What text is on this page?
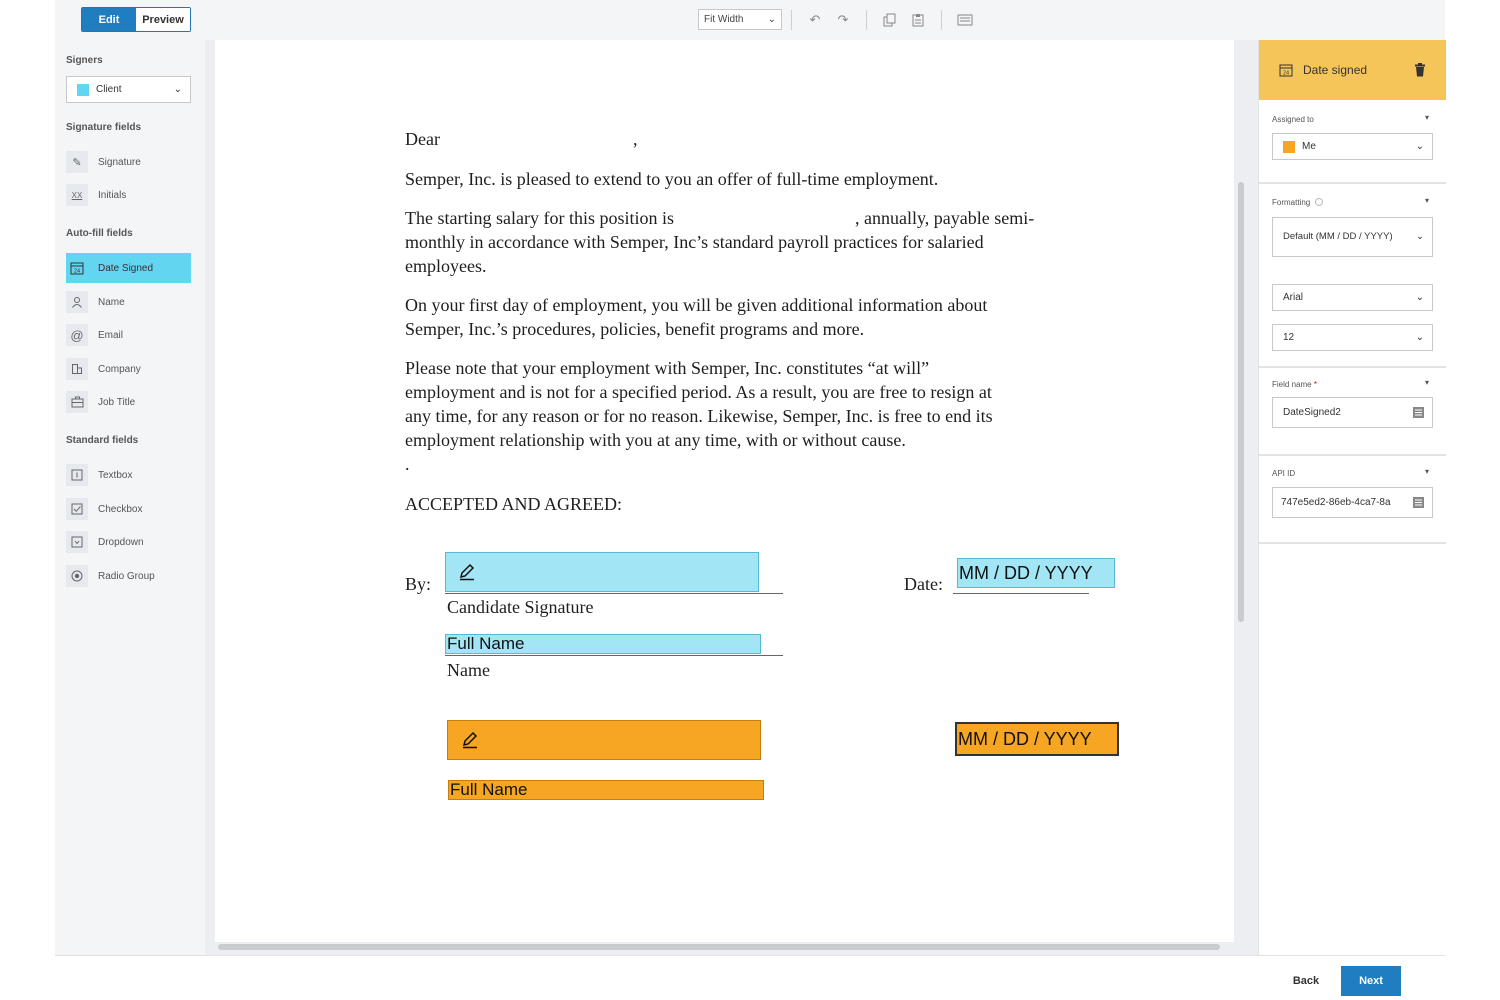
Edit	Preview	Fit Width ⌄	↶	↷
Signers
Client	⌄
Signature fields
✎	Signature
XX	Initials
Auto-fill fields
24 Date Signed
Name
@	Email
Company
Job Title
Standard fields
Textbox
Checkbox
Dropdown
Radio Group

Dear	,

Semper, Inc. is pleased to extend to you an offer of full-time employment.

The starting salary for this position is	, annually, payable semi-

monthly in accordance with Semper, Inc’s standard payroll practices for salaried

employees.

On your first day of employment, you will be given additional information about

Semper, Inc.’s procedures, policies, benefit programs and more.

Please note that your employment with Semper, Inc. constitutes “at will”

employment and is not for a specified period. As a result, you are free to resign at

any time, for any reason or for no reason. Likewise, Semper, Inc. is free to end its

employment relationship with you at any time, with or without cause.

.

ACCEPTED AND AGREED:

By:

Candidate Signature

Full Name

Name

Date:

MM / DD / YYYY
Full Name
MM / DD / YYYY
24 Date signed
Assigned to	▾
Me	⌄
Formatting	▾
Default (MM / DD / YYYY)	⌄
Arial	⌄
12	⌄
Field name *	▾
DateSigned2
API ID	▾
747e5ed2-86eb-4ca7-8a
Back	Next
